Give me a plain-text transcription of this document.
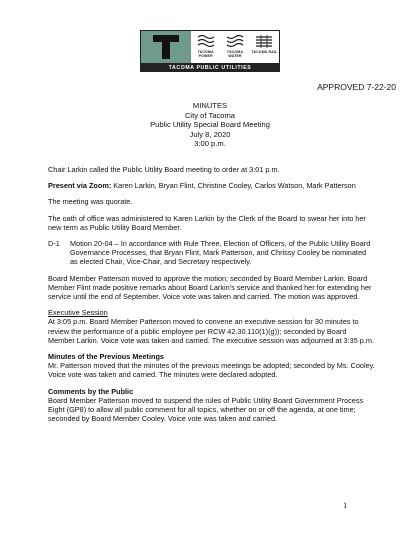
TACOMA POWER
TACOMA WATER
TACOMA RAIL
TACOMA PUBLIC UTILITIES
APPROVED 7-22-20
MINUTES
City of Tacoma
Public Utility Special Board Meeting
July 8, 2020
3:00 p.m.

Chair Larkin called the Public Utility Board meeting to order at 3:01 p.m.

Present via Zoom: Karen Larkin, Bryan Flint, Christine Cooley, Carlos Watson, Mark Patterson

The meeting was quorate.

The oath of office was administered to Karen Larkin by the Clerk of the Board to swear her into her new term as Public Utility Board Member.

D-1	Motion 20-04 – In accordance with Rule Three, Election of Officers, of the Public Utility Board Governance Processes, that Bryan Flint, Mark Patterson, and Chrissy Cooley be nominated as elected Chair, Vice-Chair, and Secretary respectively.

Board Member Patterson moved to approve the motion; seconded by Board Member Larkin. Board Member Flint made positive remarks about Board Larkin's service and thanked her for extending her service until the end of September. Voice vote was taken and carried. The motion was approved.

Executive Session
At 3:05 p.m. Board Member Patterson moved to convene an executive session for 30 minutes to review the performance of a public employee per RCW 42.30.110(1)(g)); seconded by Board Member Larkin. Voice vote was taken and carried. The executive session was adjourned at 3:35 p.m.

Minutes of the Previous Meetings
Mr. Patterson moved that the minutes of the previous meetings be adopted; seconded by Ms. Cooley. Voice vote was taken and carried. The minutes were declared adopted.

Comments by the Public
Board Member Patterson moved to suspend the rules of Public Utility Board Government Process Eight (GP8) to allow all public comment for all topics, whether on or off the agenda, at one time; seconded by Board Member Cooley. Voice vote was taken and carried.

1
